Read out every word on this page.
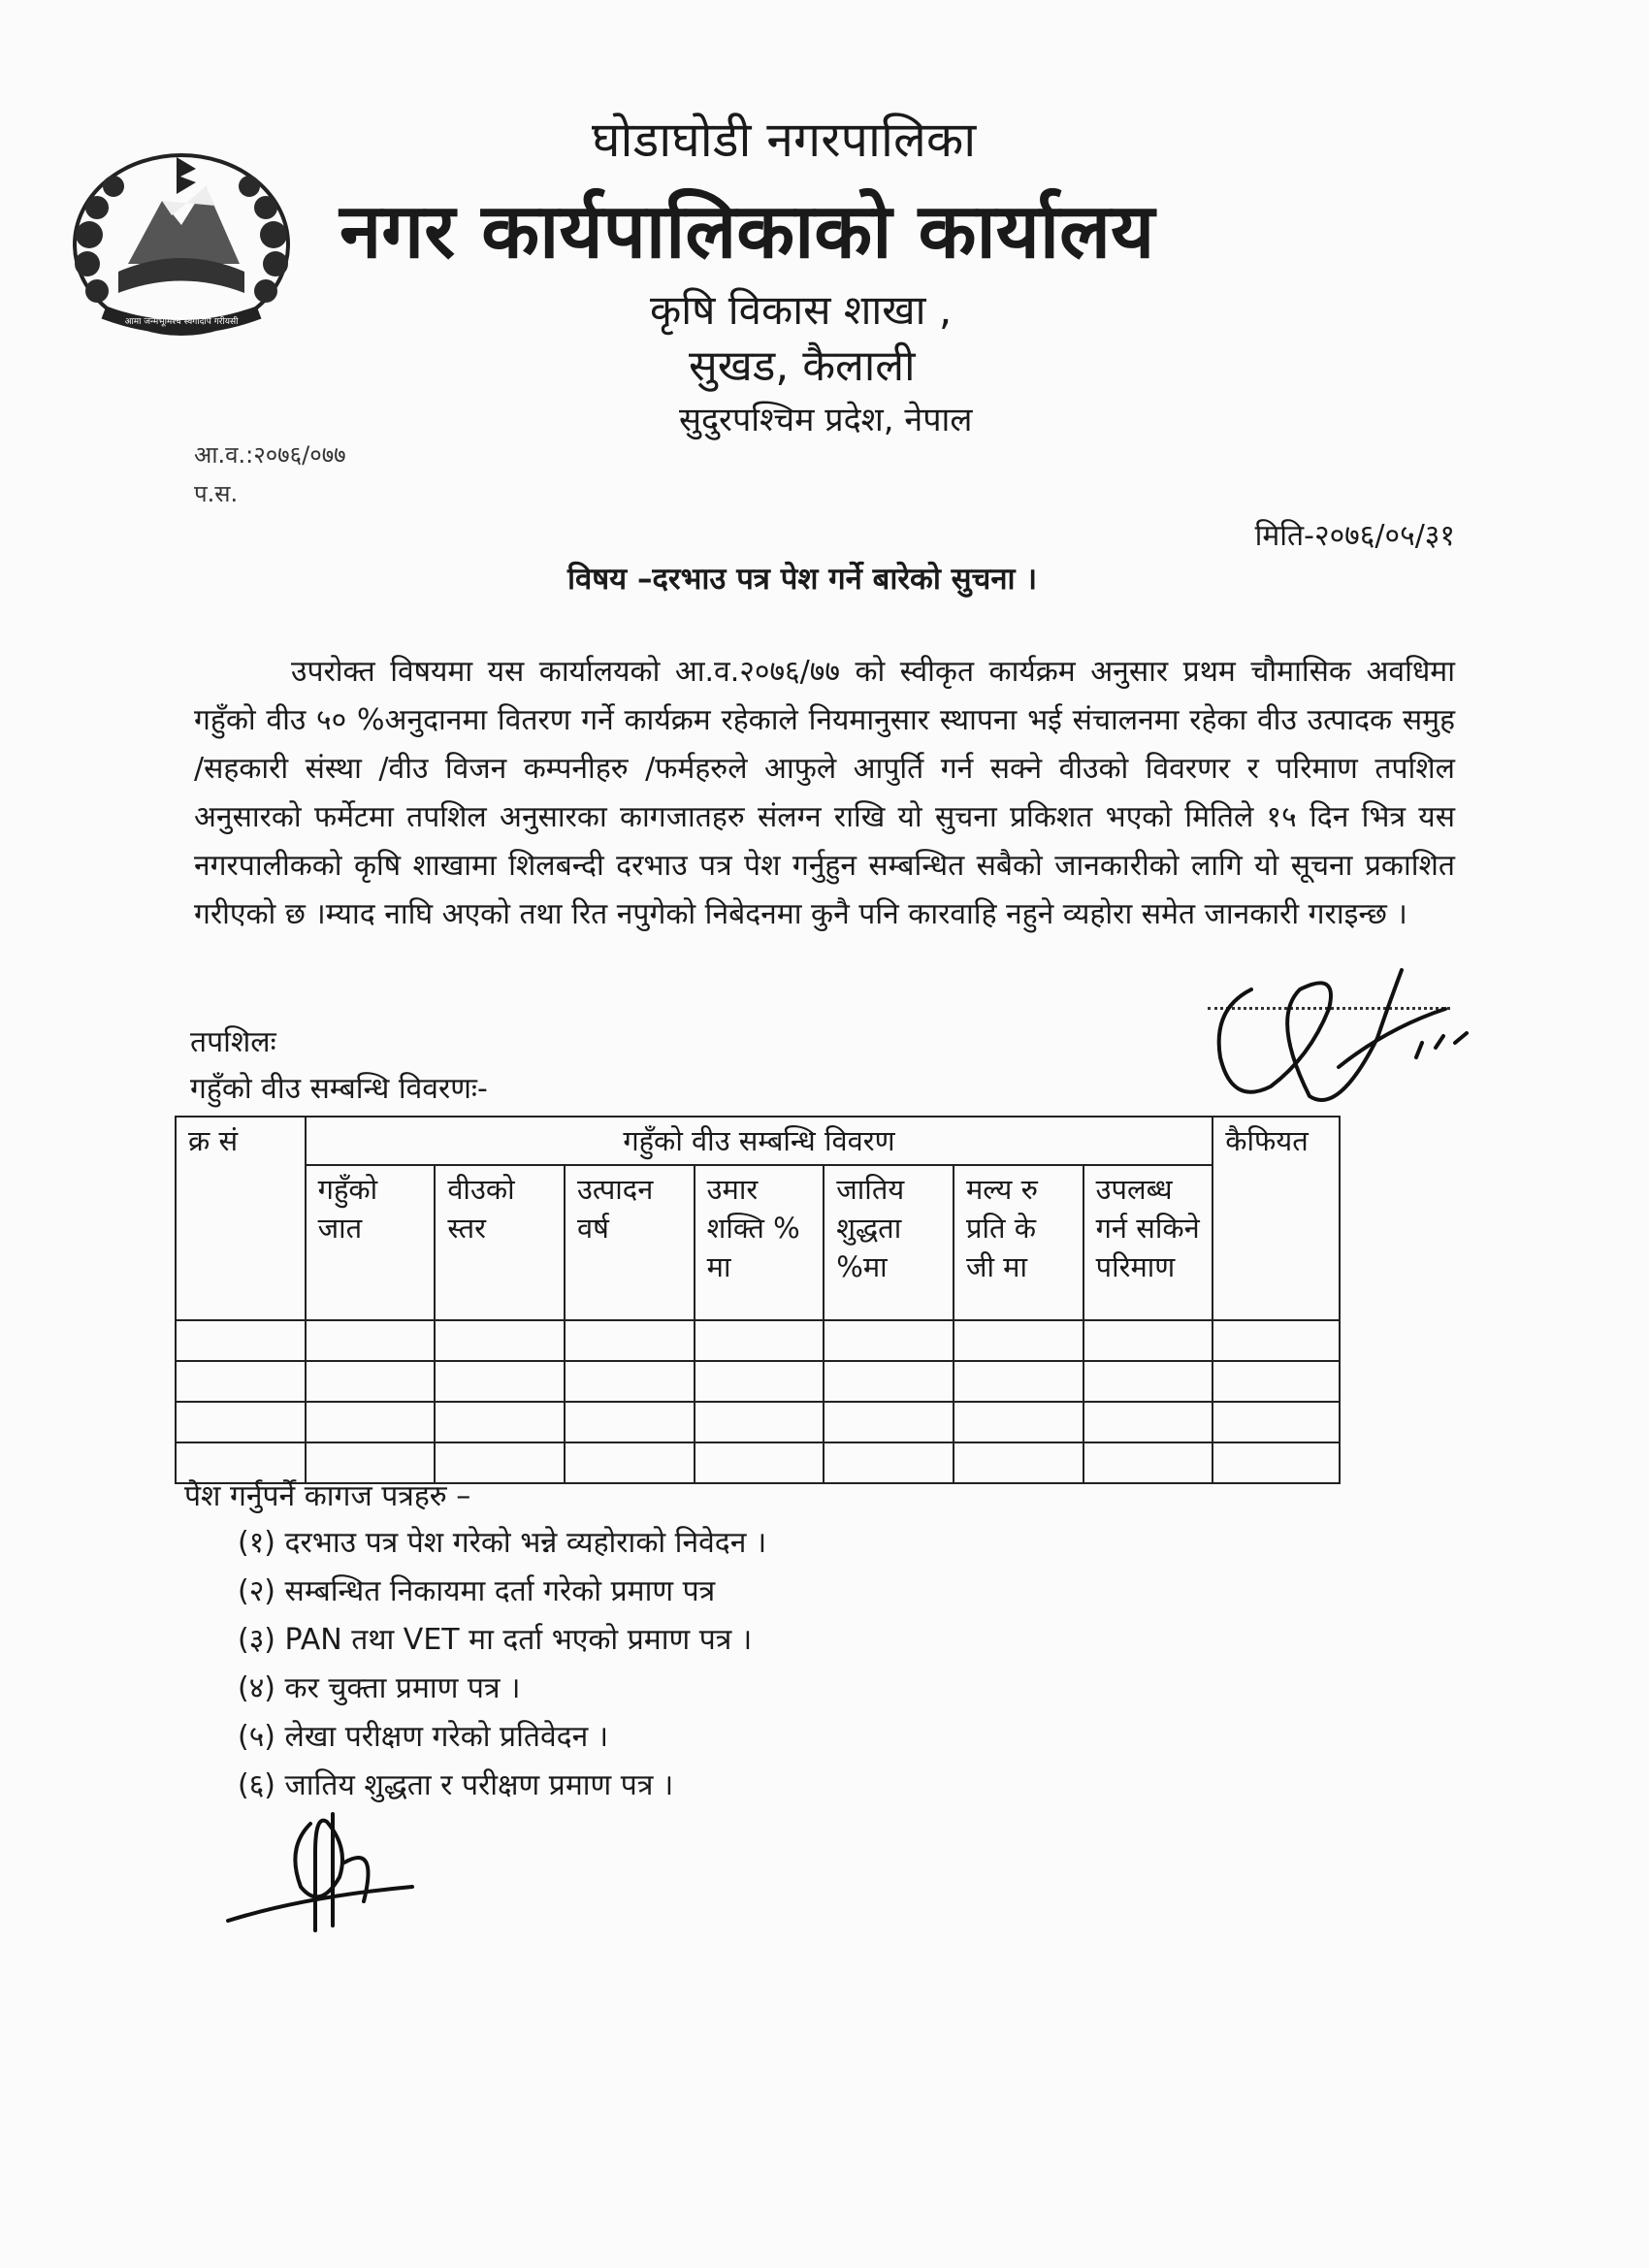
आमा जन्मभूमिश्च स्वर्गादपि गरीयसी
घोडाघोडी नगरपालिका
नगर कार्यपालिकाको कार्यालय
कृषि विकास शाखा ,
सुखड, कैलाली
सुदुरपश्चिम प्रदेश, नेपाल
आ.व.:२०७६/०७७
प.स.
मिति-२०७६/०५/३१
विषय –दरभाउ पत्र पेश गर्ने बारेको सुचना ।
उपरोक्त विषयमा यस कार्यालयको आ.व.२०७६/७७ को स्वीकृत कार्यक्रम अनुसार प्रथम चौमासिक अवधिमा गहुँको वीउ ५० %अनुदानमा वितरण गर्ने कार्यक्रम रहेकाले नियमानुसार स्थापना भई संचालनमा रहेका वीउ उत्पादक समुह /सहकारी संस्था /वीउ विजन कम्पनीहरु /फर्महरुले आफुले आपुर्ति गर्न सक्ने वीउको विवरणर र परिमाण तपशिल अनुसारको फर्मेटमा तपशिल अनुसारका कागजातहरु संलग्न राखि यो सुचना प्रकिशत भएको मितिले १५ दिन भित्र यस नगरपालीकको कृषि शाखामा शिलबन्दी दरभाउ पत्र पेश गर्नुहुन सम्बन्धित सबैको जानकारीको लागि यो सूचना प्रकाशित गरीएको छ ।म्याद नाघि अएको तथा रित नपुगेको निबेदनमा कुनै पनि कारवाहि नहुने व्यहोरा समेत जानकारी गराइन्छ ।
तपशिलः
गहुँको वीउ सम्बन्धि विवरणः-
क्र सं	गहुँको वीउ सम्बन्धि विवरण							कैफियत
	गहुँको जात	वीउको स्तर	उत्पादन वर्ष	उमार शक्ति % मा	जातिय शुद्धता %मा	मल्य रु प्रति के जी मा	उपलब्ध गर्न सकिने परिमाण	

पेश गर्नुपर्ने कागज पत्रहरु –
(१) दरभाउ पत्र पेश गरेको भन्ने व्यहोराको निवेदन ।
(२) सम्बन्धित निकायमा दर्ता गरेको प्रमाण पत्र
(३) PAN तथा VET मा दर्ता भएको प्रमाण पत्र ।
(४) कर चुक्ता प्रमाण पत्र ।
(५) लेखा परीक्षण गरेको प्रतिवेदन ।
(६) जातिय शुद्धता र परीक्षण प्रमाण पत्र ।
